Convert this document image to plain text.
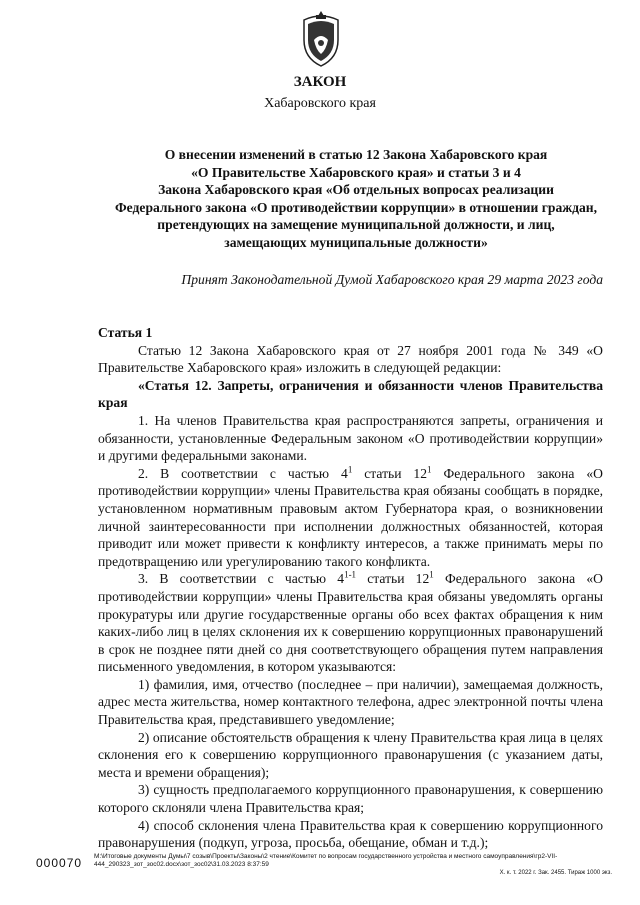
ЗАКОН
Хабаровского края
О внесении изменений в статью 12 Закона Хабаровского края
«О Правительстве Хабаровского края» и статьи 3 и 4
Закона Хабаровского края «Об отдельных вопросах реализации
Федерального закона «О противодействии коррупции» в отношении граждан,
претендующих на замещение муниципальной должности, и лиц,
замещающих муниципальные должности»
Принят Законодательной Думой Хабаровского края 29 марта 2023 года

Статья 1

Статью 12 Закона Хабаровского края от 27 ноября 2001 года № 349 «О Правительстве Хабаровского края» изложить в следующей редакции:

«Статья 12. Запреты, ограничения и обязанности членов Правительства края

1. На членов Правительства края распространяются запреты, ограничения и обязанности, установленные Федеральным законом «О противодействии коррупции» и другими федеральными законами.

2. В соответствии с частью $4^1$ статьи $12^1$ Федерального закона «О противодействии коррупции» члены Правительства края обязаны сообщать в порядке, установленном нормативным правовым актом Губернатора края, о возникновении личной заинтересованности при исполнении должностных обязанностей, которая приводит или может привести к конфликту интересов, а также принимать меры по предотвращению или урегулированию такого конфликта.

3. В соответствии с частью 4$^{1-1}$ статьи $12^1$ Федерального закона «О противодействии коррупции» члены Правительства края обязаны уведомлять органы прокуратуры или другие государственные органы обо всех фактах обращения к ним каких-либо лиц в целях склонения их к совершению коррупционных правонарушений в срок не позднее пяти дней со дня соответствующего обращения путем направления письменного уведомления, в котором указываются:

1) фамилия, имя, отчество (последнее – при наличии), замещаемая должность, адрес места жительства, номер контактного телефона, адрес электронной почты члена Правительства края, представившего уведомление;

2) описание обстоятельств обращения к члену Правительства края лица в целях склонения его к совершению коррупционного правонарушения (с указанием даты, места и времени обращения);

3) сущность предполагаемого коррупционного правонарушения, к совершению которого склоняли члена Правительства края;

4) способ склонения члена Правительства края к совершению коррупционного правонарушения (подкуп, угроза, просьба, обещание, обман и т.д.);

000070 M:\Итоговые документы Думы\7 созыв\Проекты\Законы\2 чтение\Комитет по вопросам государственного устройства и местного самоуправления\гр2-VII-444_290323_зот_зос02.docx\зот_зос02\31.03.2023 8:37:59
Х. к. т. 2022 г. Зак. 2455. Тираж 1000 экз.
